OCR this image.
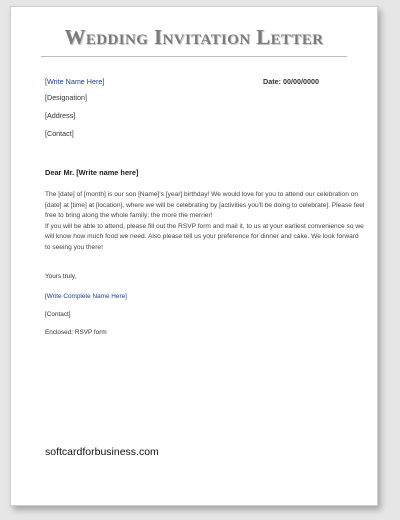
Wedding Invitation Letter
[Write Name Here]	Date: 00/00/0000
[Designation]
[Address]
[Contact]
Dear Mr. [Write name here]

The [date] of [month] is our son [Name]'s [year] birthday! We would love for you to attend our celebration on [date] at [time] at [location], where we will be celebrating by [activities you'll be doing to celebrate]. Please feel free to bring along the whole family; the more the merrier!

If you will be able to attend, please fill out the RSVP form and mail it, to us at your earliest convenience so we will know how much food we need. Also please tell us your preference for dinner and cake. We look forward to seeing you there!

Yours truly,
[Write Complete Name Here]
[Contact]
Enclosed: RSVP form
softcardforbusiness.com
